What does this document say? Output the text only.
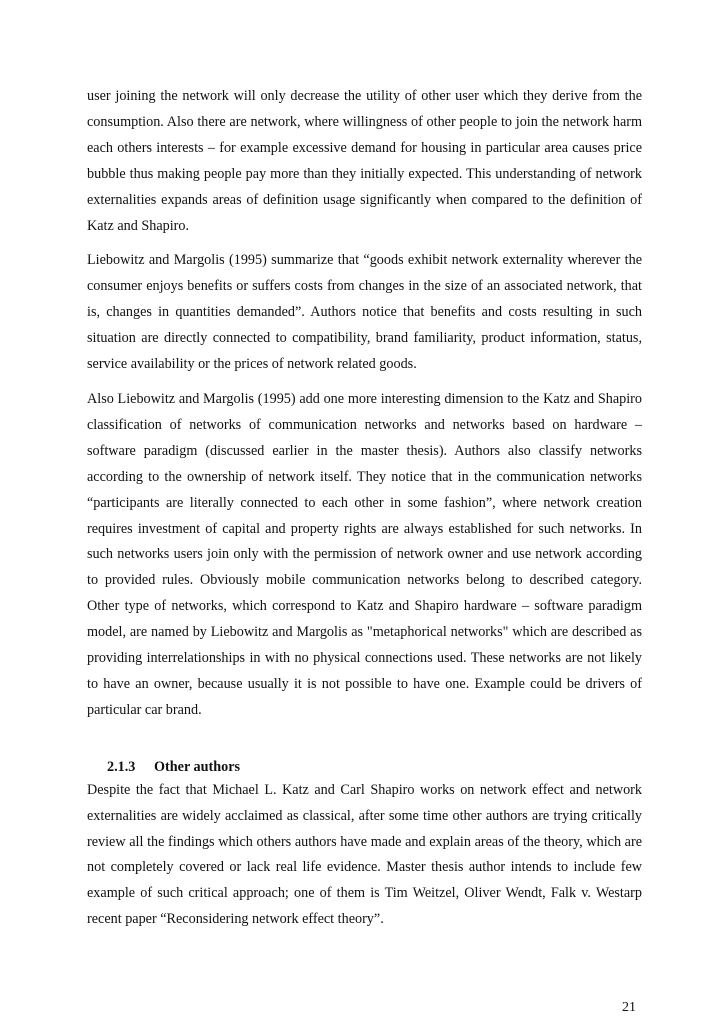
user joining the network will only decrease the utility of other user which they derive from the consumption. Also there are network, where willingness of other people to join the network harm each others interests – for example excessive demand for housing in particular area causes price bubble thus making people pay more than they initially expected. This understanding of network externalities expands areas of definition usage significantly when compared to the definition of Katz and Shapiro.

Liebowitz and Margolis (1995) summarize that “goods exhibit network externality wherever the consumer enjoys benefits or suffers costs from changes in the size of an associated network, that is, changes in quantities demanded”. Authors notice that benefits and costs resulting in such situation are directly connected to compatibility, brand familiarity, product information, status, service availability or the prices of network related goods.

Also Liebowitz and Margolis (1995) add one more interesting dimension to the Katz and Shapiro classification of networks of communication networks and networks based on hardware – software paradigm (discussed earlier in the master thesis). Authors also classify networks according to the ownership of network itself. They notice that in the communication networks “participants are literally connected to each other in some fashion”, where network creation requires investment of capital and property rights are always established for such networks. In such networks users join only with the permission of network owner and use network according to provided rules. Obviously mobile communication networks belong to described category. Other type of networks, which correspond to Katz and Shapiro hardware – software paradigm model, are named by Liebowitz and Margolis as "metaphorical networks" which are described as providing interrelationships in with no physical connections used. These networks are not likely to have an owner, because usually it is not possible to have one. Example could be drivers of particular car brand.

2.1.3 Other authors

Despite the fact that Michael L. Katz and Carl Shapiro works on network effect and network externalities are widely acclaimed as classical, after some time other authors are trying critically review all the findings which others authors have made and explain areas of the theory, which are not completely covered or lack real life evidence. Master thesis author intends to include few example of such critical approach; one of them is Tim Weitzel, Oliver Wendt, Falk v. Westarp recent paper “Reconsidering network effect theory”.

21
